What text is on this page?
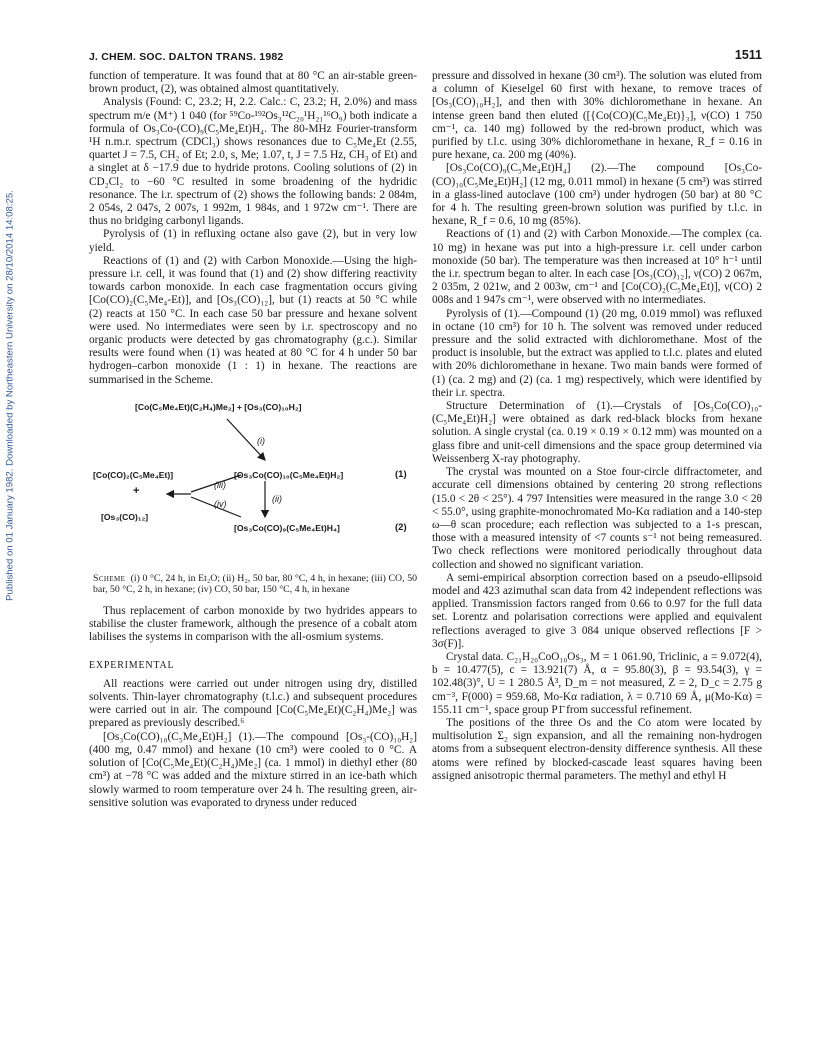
Published on 01 January 1982. Downloaded by Northeastern University on 28/10/2014 14:08:25.
J. CHEM. SOC. DALTON TRANS. 1982	1511

function of temperature. It was found that at 80 °C an air-stable green-brown product, (2), was obtained almost quantitatively.

Analysis (Found: C, 23.2; H, 2.2. Calc.: C, 23.2; H, 2.0%) and mass spectrum m/e (M⁺) 1 040 (for ⁵⁹Co-¹⁹²Os₃¹²C₂₀¹H₂₁¹⁶O₉) both indicate a formula of Os₃Co-(CO)₉(C₅Me₄Et)H₄. The 80-MHz Fourier-transform ¹H n.m.r. spectrum (CDCl₃) shows resonances due to C₅Me₄Et (2.55, quartet J = 7.5, CH₂ of Et; 2.0, s, Me; 1.07, t, J = 7.5 Hz, CH₃ of Et) and a singlet at δ −17.9 due to hydride protons. Cooling solutions of (2) in CD₂Cl₂ to −60 °C resulted in some broadening of the hydridic resonance. The i.r. spectrum of (2) shows the following bands: 2 084m, 2 054s, 2 047s, 2 007s, 1 992m, 1 984s, and 1 972w cm⁻¹. There are thus no bridging carbonyl ligands.

Pyrolysis of (1) in refluxing octane also gave (2), but in very low yield.

Reactions of (1) and (2) with Carbon Monoxide.—Using the high-pressure i.r. cell, it was found that (1) and (2) show differing reactivity towards carbon monoxide. In each case fragmentation occurs giving [Co(CO)₂(C₅Me₄-Et)], and [Os₃(CO)₁₂], but (1) reacts at 50 °C while (2) reacts at 150 °C. In each case 50 bar pressure and hexane solvent were used. No intermediates were seen by i.r. spectroscopy and no organic products were detected by gas chromatography (g.c.). Similar results were found when (1) was heated at 80 °C for 4 h under 50 bar hydrogen–carbon monoxide (1 : 1) in hexane. The reactions are summarised in the Scheme.

[Co(C₅Me₄Et)(C₂H₄)Me₂] + [Os₃(CO)₁₀H₂]
(i)
[Co(CO)₂(C₅Me₄Et)]	[Os₃Co(CO)₁₀(C₅Me₄Et)H₂]	(1)
(iii)
+
(ii)
(iv)
[Os₃(CO)₁₂]
[Os₃Co(CO)₉(C₅Me₄Et)H₄]	(2)

Scheme (i) 0 °C, 24 h, in Et₂O; (ii) H₂, 50 bar, 80 °C, 4 h, in hexane; (iii) CO, 50 bar, 50 °C, 2 h, in hexane; (iv) CO, 50 bar, 150 °C, 4 h, in hexane

Thus replacement of carbon monoxide by two hydrides appears to stabilise the cluster framework, although the presence of a cobalt atom labilises the systems in comparison with the all-osmium systems.

EXPERIMENTAL

All reactions were carried out under nitrogen using dry, distilled solvents. Thin-layer chromatography (t.l.c.) and subsequent procedures were carried out in air. The compound [Co(C₅Me₄Et)(C₂H₄)Me₂] was prepared as previously described.⁶

[Os₃Co(CO)₁₀(C₅Me₄Et)H₂] (1).—The compound [Os₃-(CO)₁₀H₂] (400 mg, 0.47 mmol) and hexane (10 cm³) were cooled to 0 °C. A solution of [Co(C₅Me₄Et)(C₂H₄)Me₂] (ca. 1 mmol) in diethyl ether (80 cm³) at −78 °C was added and the mixture stirred in an ice-bath which slowly warmed to room temperature over 24 h. The resulting green, air-sensitive solution was evaporated to dryness under reduced

pressure and dissolved in hexane (30 cm³). The solution was eluted from a column of Kieselgel 60 first with hexane, to remove traces of [Os₃(CO)₁₀H₂], and then with 30% dichloromethane in hexane. An intense green band then eluted ([{Co(CO)(C₅Me₄Et)}₃], ν(CO) 1 750 cm⁻¹, ca. 140 mg) followed by the red-brown product, which was purified by t.l.c. using 30% dichloromethane in hexane, R_f = 0.16 in pure hexane, ca. 200 mg (40%).

[Os₃Co(CO)₉(C₅Me₄Et)H₄] (2).—The compound [Os₃Co-(CO)₁₀(C₅Me₄Et)H₂] (12 mg, 0.011 mmol) in hexane (5 cm³) was stirred in a glass-lined autoclave (100 cm³) under hydrogen (50 bar) at 80 °C for 4 h. The resulting green-brown solution was purified by t.l.c. in hexane, R_f = 0.6, 10 mg (85%).

Reactions of (1) and (2) with Carbon Monoxide.—The complex (ca. 10 mg) in hexane was put into a high-pressure i.r. cell under carbon monoxide (50 bar). The temperature was then increased at 10° h⁻¹ until the i.r. spectrum began to alter. In each case [Os₃(CO)₁₂], ν(CO) 2 067m, 2 035m, 2 021w, and 2 003w, cm⁻¹ and [Co(CO)₂(C₅Me₄Et)], ν(CO) 2 008s and 1 947s cm⁻¹, were observed with no intermediates.

Pyrolysis of (1).—Compound (1) (20 mg, 0.019 mmol) was refluxed in octane (10 cm³) for 10 h. The solvent was removed under reduced pressure and the solid extracted with dichloromethane. Most of the product is insoluble, but the extract was applied to t.l.c. plates and eluted with 20% dichloromethane in hexane. Two main bands were formed of (1) (ca. 2 mg) and (2) (ca. 1 mg) respectively, which were identified by their i.r. spectra.

Structure Determination of (1).—Crystals of [Os₃Co(CO)₁₀-(C₅Me₄Et)H₂] were obtained as dark red-black blocks from hexane solution. A single crystal (ca. 0.19 × 0.19 × 0.12 mm) was mounted on a glass fibre and unit-cell dimensions and the space group determined via Weissenberg X-ray photography.

The crystal was mounted on a Stoe four-circle diffractometer, and accurate cell dimensions obtained by centering 20 strong reflections (15.0 < 2θ < 25°). 4 797 Intensities were measured in the range 3.0 < 2θ < 55.0°, using graphite-monochromated Mo-Kα radiation and a 140-step ω—θ scan procedure; each reflection was subjected to a 1-s prescan, those with a measured intensity of <7 counts s⁻¹ not being remeasured. Two check reflections were monitored periodically throughout data collection and showed no significant variation.

A semi-empirical absorption correction based on a pseudo-ellipsoid model and 423 azimuthal scan data from 42 independent reflections was applied. Transmission factors ranged from 0.66 to 0.97 for the full data set. Lorentz and polarisation corrections were applied and equivalent reflections averaged to give 3 084 unique observed reflections [F > 3σ(F)].

Crystal data. C₂₁H₂₀CoO₁₀Os₃, M = 1 061.90, Triclinic, a = 9.072(4), b = 10.477(5), c = 13.921(7) Å, α = 95.80(3), β = 93.54(3), γ = 102.48(3)°, U = 1 280.5 Å³, D_m = not measured, Z = 2, D_c = 2.75 g cm⁻³, F(000) = 959.68, Mo-Kα radiation, λ = 0.710 69 Å, μ(Mo-Kα) = 155.11 cm⁻¹, space group P1̄ from successful refinement.

The positions of the three Os and the Co atom were located by multisolution Σ₂ sign expansion, and all the remaining non-hydrogen atoms from a subsequent electron-density difference synthesis. All these atoms were refined by blocked-cascade least squares having been assigned anisotropic thermal parameters. The methyl and ethyl H
